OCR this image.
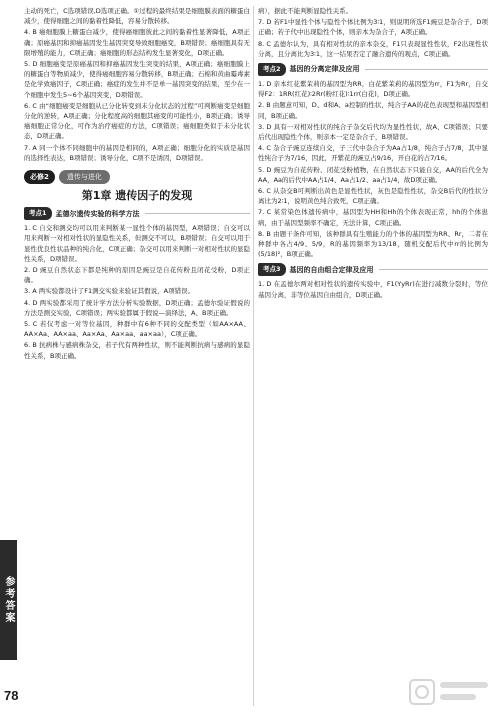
参考答案
78

主动的死亡，C选项错误,D选项正确。①过程的最终结果是细胞膜表面的糖蛋白减少，使得细胞之间的黏着性降低，容易分散转移。

4. B 癌细胞膜上糖蛋白减少，使得癌细胞彼此之间的黏着性显著降低，A项正确；原癌基因和抑癌基因发生基因突变导致细胞癌变，B项错误；癌细胞具有无限增殖的能力，C项正确；癌细胞的形态结构发生显著变化，D项正确。

5. D 细胞癌变是原癌基因和抑癌基因发生突变的结果，A项正确；癌细胞膜上的糖蛋白等物质减少，使得癌细胞容易分散转移，B项正确；石棉和黄曲霉毒素是化学致癌因子，C项正确；癌症的发生并不是单一基因突变的结果，至少在一个细胞中发生5~6个基因突变，D项错误。

6. C 由“细胞癌变是细胞从已分化转变到未分化状态的过程”可判断癌变是细胞分化的逆转，A项正确；分化程度高的细胞其癌变的可能性小，B项正确；诱导癌细胞正常分化，可作为治疗癌症的方法，C项错误；癌细胞类似于未分化状态，D项正确。

7. A 同一个体不同细胞中的基因是相同的，A项正确；细胞分化的实质是基因的选择性表达，B项错误；诱导分化，C项不是诱因，D项错误。

必修2	遗传与进化
第1章 遗传因子的发现
考点1	孟德尔遗传实验的科学方法

1. C 自交和测交均可以用来判断某一显性个体的基因型，A项错误；自交可以用来判断一对相对性状的显隐性关系，但测交不可以，B项错误；自交可以用于显性优良性状品种的纯合化，C项正确；杂交可以用来判断一对相对性状的显隐性关系，D项错误。

2. D 豌豆自然状态下都是纯种的原因是豌豆是自花传粉且闭花受粉，D项正确。

3. A 两实验都设计了F1测交实验来验证其假说，A项错误。

4. D 两实验都采用了统计学方法分析实验数据，D项正确；孟德尔验证假说的方法是测交实验，C项错误；两实验都属于假说—演绎法，A、B项正确。

5. C 若仅考虑一对等位基因，种群中有6种不同的交配类型（如AA×AA、AA×Aa、AA×aa、Aa×Aa、Aa×aa、aa×aa），C项正确。

6. B 抗病株与感病株杂交，若子代有两种性状，则不能判断抗病与感病的显隐性关系，B项正确。

病），据此不能判断显隐性关系。

7. D 若F1中显性个体与隐性个体比例为3∶1，则说明所选F1豌豆是杂合子，D项正确；若子代中出现隐性个体，则亲本为杂合子，A项正确。

8. C 孟德尔认为，具有相对性状的亲本杂交，F1只表现显性性状，F2出现性状分离，且分离比为3∶1，这一结果否定了融合遗传的观点，C项正确。

考点2	基因的分离定律及应用

1. D 亲本红花紫茉莉的基因型为RR，白花紫茉莉的基因型为rr，F1为Rr，自交得F2：1RR(红花)∶2Rr(粉红花)∶1rr(白花)，D项正确。

2. B 由题意可知，D、d和A、a控制的性状，纯合子AA的花色表现型和基因型相同，B项正确。

3. D 具有一对相对性状的纯合子杂交后代均为显性性状，故A、C项错误；只要后代出现隐性个体，则亲本一定是杂合子，B项错误。

4. C 杂合子豌豆连续自交，子三代中杂合子为Aa占1/8，纯合子占7/8，其中显性纯合子为7/16，因此，开紫花的豌豆占9/16，开白花的占7/16。

5. D 豌豆为自花传粉、闭花受粉植物，在自然状态下只能自交，AA的后代全为AA，Aa的后代中AA占1/4、Aa占1/2、aa占1/4，故D项正确。

6. C 从杂交B可判断出黄色是显性性状，灰色是隐性性状，杂交B后代的性状分离比为2∶1，说明黄色纯合致死，C项正确。

7. C 某常染色体遗传病中，基因型为HH和Hh的个体表现正常，hh的个体患病，由于基因型频率不确定，无法计算，C项正确。

8. B 由题干条件可知，该种群具有生殖能力的个体的基因型为RR、Rr，二者在种群中各占4/9、5/9，R的基因频率为13/18，随机交配后代中rr的比例为(5/18)²，B项正确。

考点3	基因的自由组合定律及应用

1. D 在孟德尔两对相对性状的遗传实验中，F1(YyRr)在进行减数分裂时，等位基因分离，非等位基因自由组合，D项正确。
